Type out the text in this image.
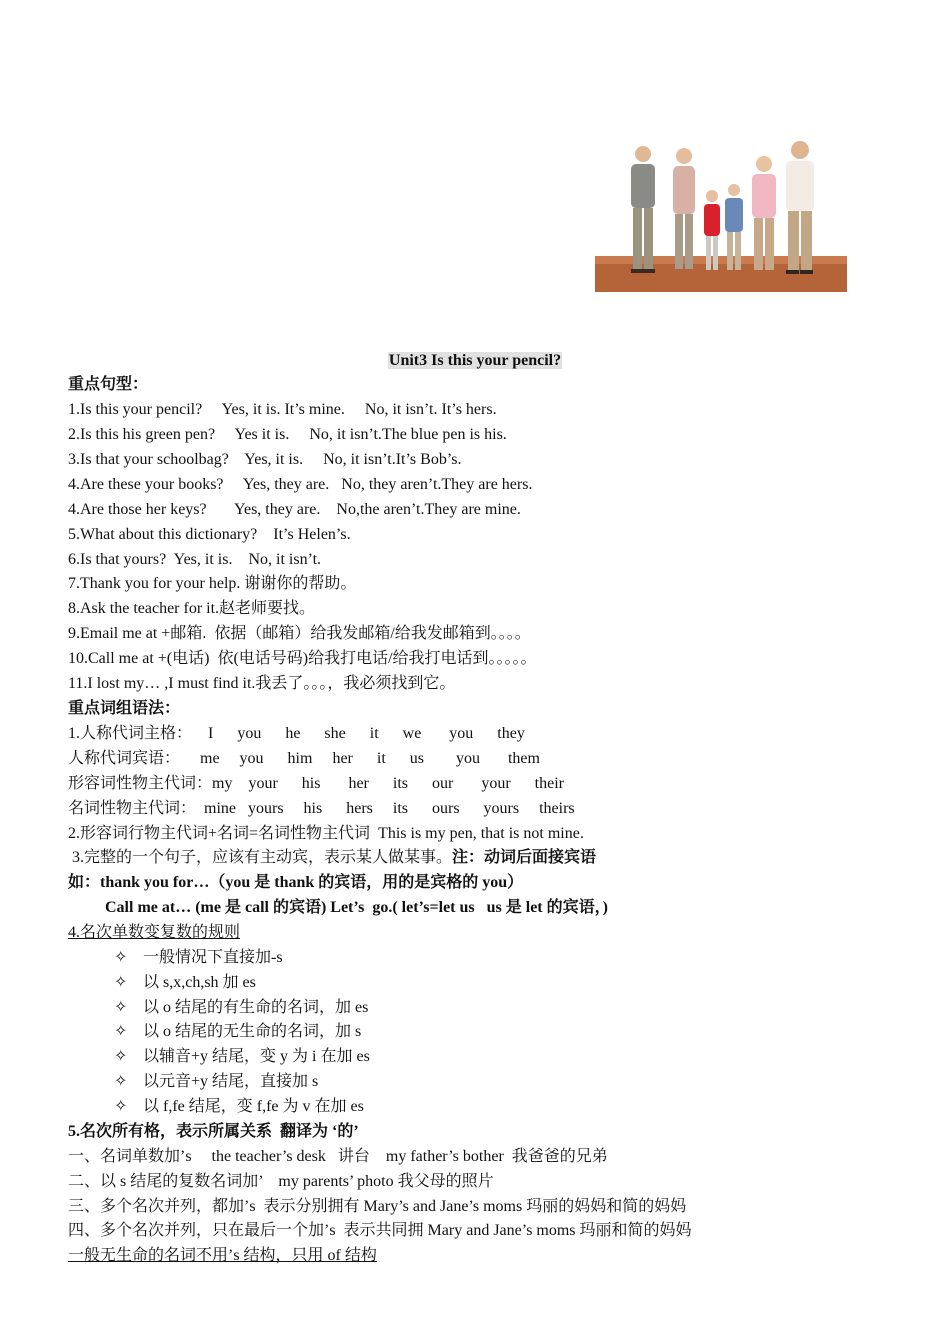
Unit3 Is this your pencil?
重点句型：
1.Is this your pencil?     Yes, it is. It’s mine.     No, it isn’t. It’s hers.
2.Is this his green pen?     Yes it is.     No, it isn’t.The blue pen is his.
3.Is that your schoolbag?    Yes, it is.     No, it isn’t.It’s Bob’s.
4.Are these your books?     Yes, they are.   No, they aren’t.They are hers.
4.Are those her keys?       Yes, they are.    No,the aren’t.They are mine.
5.What about this dictionary?    It’s Helen’s.
6.Is that yours?  Yes, it is.    No, it isn’t.
7.Thank you for your help. 谢谢你的帮助。
8.Ask the teacher for it.赵老师要找。
9.Email me at +邮箱.  依据（邮箱）给我发邮箱/给我发邮箱到。。。。
10.Call me at +(电话)  依(电话号码)给我打电话/给我打电话到。。。。。
11.I lost my… ,I must find it.我丢了。。。，我必须找到它。
重点词组语法：
1.人称代词主格：    I      you      he      she      it      we       you      they
人称代词宾语：     me     you      him     her      it      us        you       them
形容词性物主代词：my    your      his       her      its      our       your      their
名词性物主代词：  mine   yours     his      hers     its      ours      yours     theirs
2.形容词行物主代词+名词=名词性物主代词  This is my pen, that is not mine.
3.完整的一个句子，应该有主动宾，表示某人做某事。注：动词后面接宾语
如：thank you for…（you 是 thank 的宾语，用的是宾格的 you）
Call me at… (me 是 call 的宾语) Let’s  go.( let’s=let us   us 是 let 的宾语，)
4.名次单数变复数的规则
✧ 一般情况下直接加-s
✧ 以 s,x,ch,sh 加 es
✧ 以 o 结尾的有生命的名词，加 es
✧ 以 o 结尾的无生命的名词，加 s
✧ 以辅音+y 结尾，变 y 为 i 在加 es
✧ 以元音+y 结尾，直接加 s
✧ 以 f,fe 结尾，变 f,fe 为 v 在加 es
5.名次所有格，表示所属关系  翻译为 ‘的’
一、名词单数加’s     the teacher’s desk   讲台    my father’s bother  我爸爸的兄弟
二、以 s 结尾的复数名词加’    my parents’ photo 我父母的照片
三、多个名次并列，都加’s  表示分别拥有 Mary’s and Jane’s moms 玛丽的妈妈和简的妈妈
四、多个名次并列，只在最后一个加’s  表示共同拥 Mary and Jane’s moms 玛丽和简的妈妈
一般无生命的名词不用’s 结构，只用 of 结构
